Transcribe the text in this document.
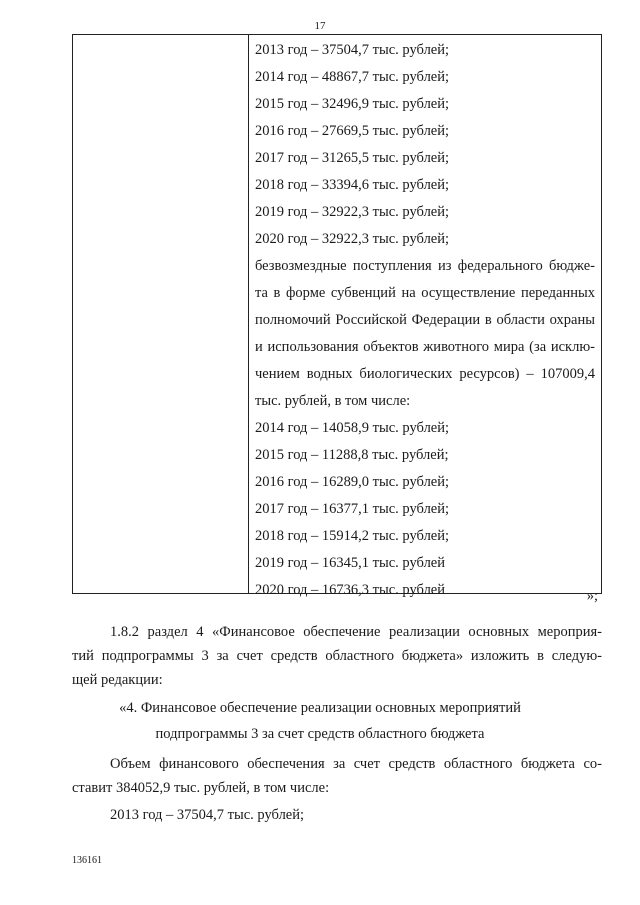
17
2013 год – 37504,7 тыс. рублей;
2014 год – 48867,7 тыс. рублей;
2015 год – 32496,9 тыс. рублей;
2016 год – 27669,5 тыс. рублей;
2017 год – 31265,5 тыс. рублей;
2018 год – 33394,6 тыс. рублей;
2019 год – 32922,3 тыс. рублей;
2020 год – 32922,3 тыс. рублей;
безвозмездные поступления из федерального бюдже-
та в форме субвенций на осуществление переданных
полномочий Российской Федерации в области охраны
и использования объектов животного мира (за исклю-
чением водных биологических ресурсов) – 107009,4
тыс. рублей, в том числе:
2014 год – 14058,9 тыс. рублей;
2015 год – 11288,8 тыс. рублей;
2016 год – 16289,0 тыс. рублей;
2017 год – 16377,1 тыс. рублей;
2018 год – 15914,2 тыс. рублей;
2019 год – 16345,1 тыс. рублей
2020 год – 16736,3 тыс. рублей	»;
1.8.2 раздел 4 «Финансовое обеспечение реализации основных мероприя-
тий подпрограммы 3 за счет средств областного бюджета» изложить в следую-
щей редакции:
«4. Финансовое обеспечение реализации основных мероприятий
подпрограммы 3 за счет средств областного бюджета
Объем финансового обеспечения за счет средств областного бюджета со-
ставит 384052,9 тыс. рублей, в том числе:
2013 год – 37504,7 тыс. рублей;
136161
